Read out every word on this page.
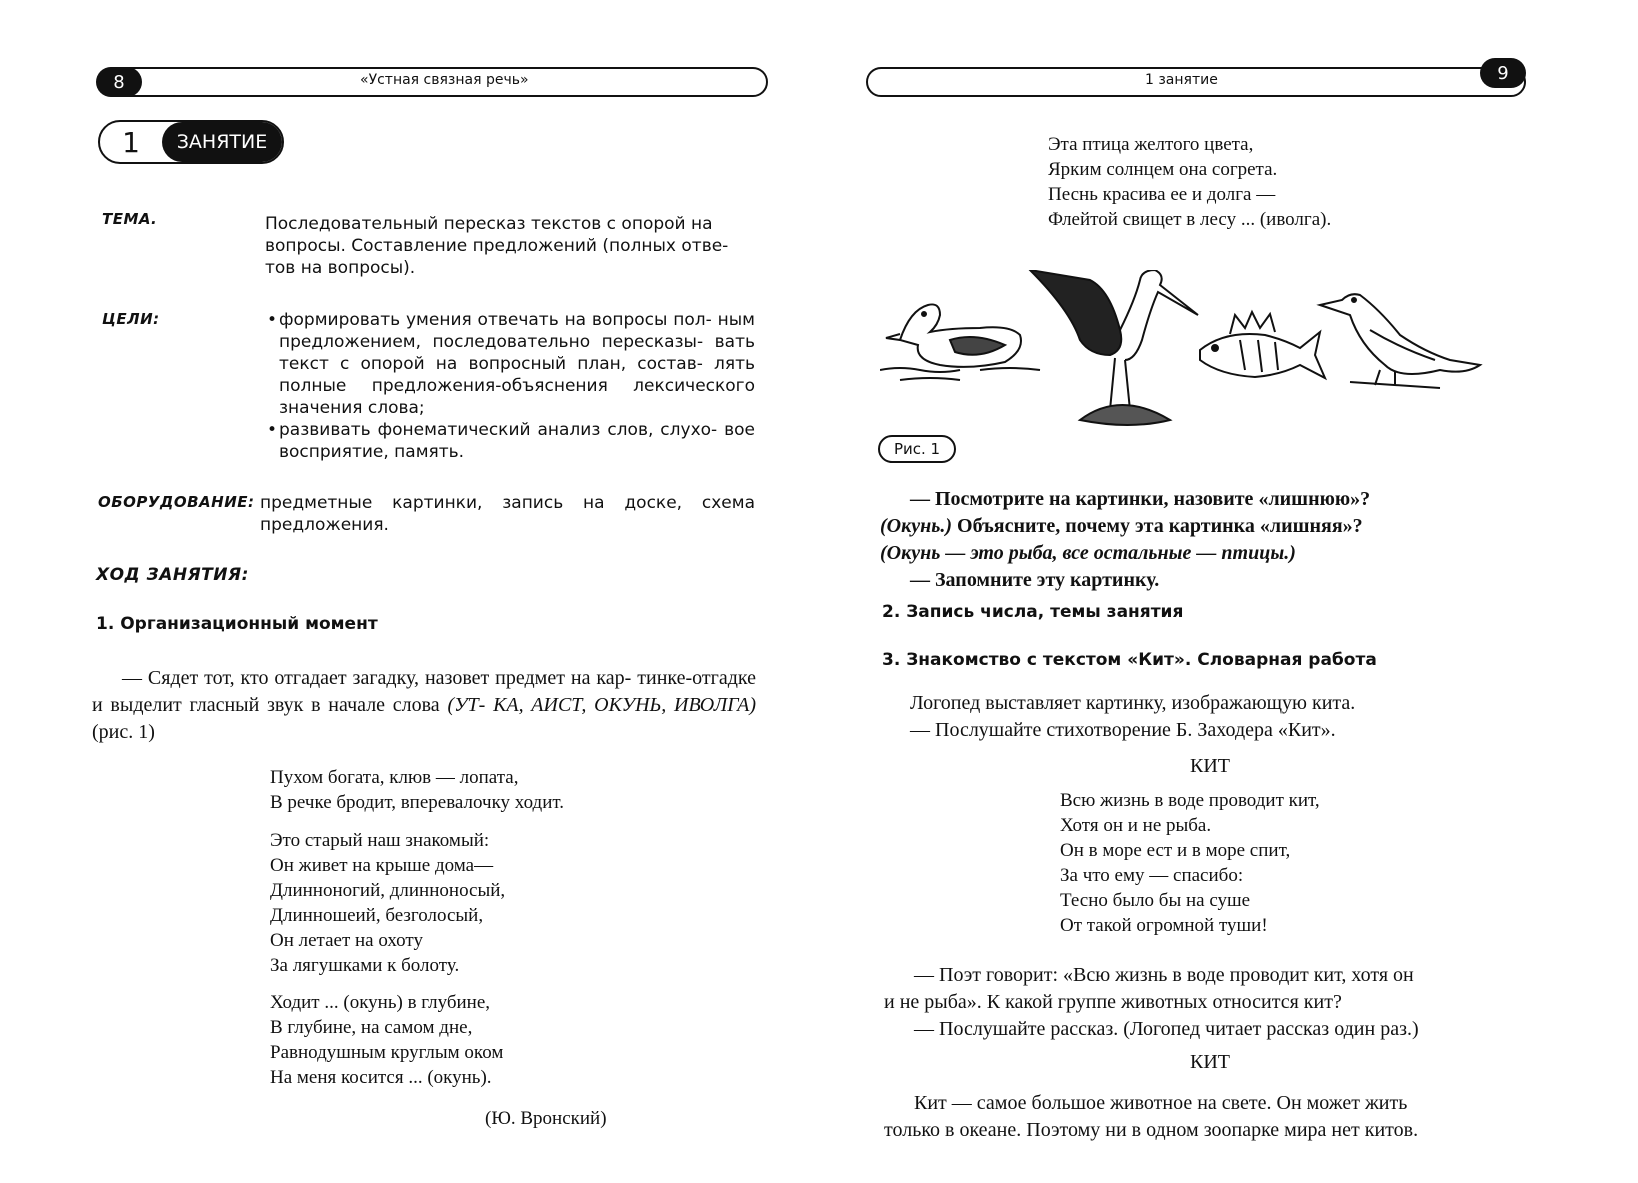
8	«Устная связная речь»
1	ЗАНЯТИЕ
ТЕМА.	Последовательный пересказ текстов с опорой на
вопросы. Составление предложений (полных отве-
тов на вопросы).
ЦЕЛИ:
•	формировать умения отвечать на вопросы пол- ным предложением, последовательно пересказы- вать текст с опорой на вопросный план, состав- лять полные предложения-объяснения лексического значения слова;
• развивать фонематический анализ слов, слухо- вое восприятие, память.
ОБОРУДОВАНИЕ: предметные картинки, запись на доске, схема предложения.
ХОД ЗАНЯТИЯ:
1. Организационный момент
— Сядет тот, кто отгадает загадку, назовет предмет на кар- тинке-отгадке и выделит гласный звук в начале слова (УТ- КА, АИСТ, ОКУНЬ, ИВОЛГА) (рис. 1)
Пухом богата, клюв — лопата,
В речке бродит, вперевалочку ходит.
Это старый наш знакомый:
Он живет на крыше дома—
Длинноногий, длинноносый,
Длинношеий, безголосый,
Он летает на охоту
За лягушками к болоту.
Ходит ... (окунь) в глубине,
В глубине, на самом дне,
Равнодушным круглым оком
На меня косится ... (окунь).
(Ю. Вронский)
9
1 занятие
Эта птица желтого цвета,
Ярким солнцем она согрета.
Песнь красива ее и долга —
Флейтой свищет в лесу ... (иволга).
Рис. 1
— Посмотрите на картинки, назовите «лишнюю»?
(Окунь.) Объясните, почему эта картинка «лишняя»?
(Окунь — это рыба, все остальные — птицы.)
— Запомните эту картинку.
2. Запись числа, темы занятия
3. Знакомство с текстом «Кит». Словарная работа
Логопед выставляет картинку, изображающую кита.
— Послушайте стихотворение Б. Заходера «Кит».
КИТ
Всю жизнь в воде проводит кит,
Хотя он и не рыба.
Он в море ест и в море спит,
За что ему — спасибо:
Тесно было бы на суше
От такой огромной туши!
— Поэт говорит: «Всю жизнь в воде проводит кит, хотя он
и не рыба». К какой группе животных относится кит?
— Послушайте рассказ. (Логопед читает рассказ один раз.)
КИТ
Кит — самое большое животное на свете. Он может жить
только в океане. Поэтому ни в одном зоопарке мира нет китов.
